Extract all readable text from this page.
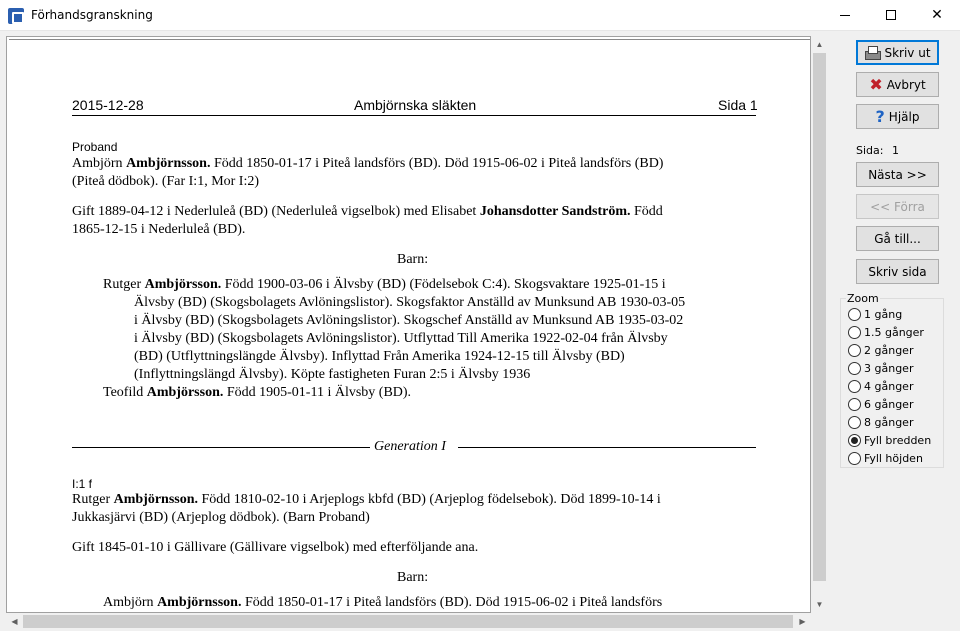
Förhandsgranskning	✕
2015-12-28	Ambjörnska släkten	Sida 1
Proband
Ambjörn Ambjörnsson. Född 1850-01-17 i Piteå landsförs (BD). Död 1915-06-02 i Piteå landsförs (BD)
(Piteå dödbok). (Far I:1, Mor I:2)
Gift 1889-04-12 i Nederluleå (BD) (Nederluleå vigselbok) med Elisabet Johansdotter Sandström. Född
1865-12-15 i Nederluleå (BD).
Barn:
Rutger Ambjörsson. Född 1900-03-06 i Älvsby (BD) (Födelsebok C:4). Skogsvaktare 1925-01-15 i
Älvsby (BD) (Skogsbolagets Avlöningslistor). Skogsfaktor Anställd av Munksund AB 1930-03-05
i Älvsby (BD) (Skogsbolagets Avlöningslistor). Skogschef Anställd av Munksund AB 1935-03-02
i Älvsby (BD) (Skogsbolagets Avlöningslistor). Utflyttad Till Amerika 1922-02-04 från Älvsby
(BD) (Utflyttningslängde Älvsby). Inflyttad Från Amerika 1924-12-15 till Älvsby (BD)
(Inflyttningslängd Älvsby). Köpte fastigheten Furan 2:5 i Älvsby 1936
Teofild Ambjörsson. Född 1905-01-11 i Älvsby (BD).
Generation I
I:1 f
Rutger Ambjörnsson. Född 1810-02-10 i Arjeplogs kbfd (BD) (Arjeplog födelsebok). Död 1899-10-14 i
Jukkasjärvi (BD) (Arjeplog dödbok). (Barn Proband)
Gift 1845-01-10 i Gällivare (Gällivare vigselbok) med efterföljande ana.
Barn:
Ambjörn Ambjörnsson. Född 1850-01-17 i Piteå landsförs (BD). Död 1915-06-02 i Piteå landsförs
▲
▼
◀	▶
Skriv ut
✖ Avbryt
? Hjälp
Sida: 1
Nästa >>
<< Förra
Gå till...
Skriv sida
Zoom
1 gång
1.5 gånger
2 gånger
3 gånger
4 gånger
6 gånger
8 gånger
Fyll bredden
Fyll höjden
